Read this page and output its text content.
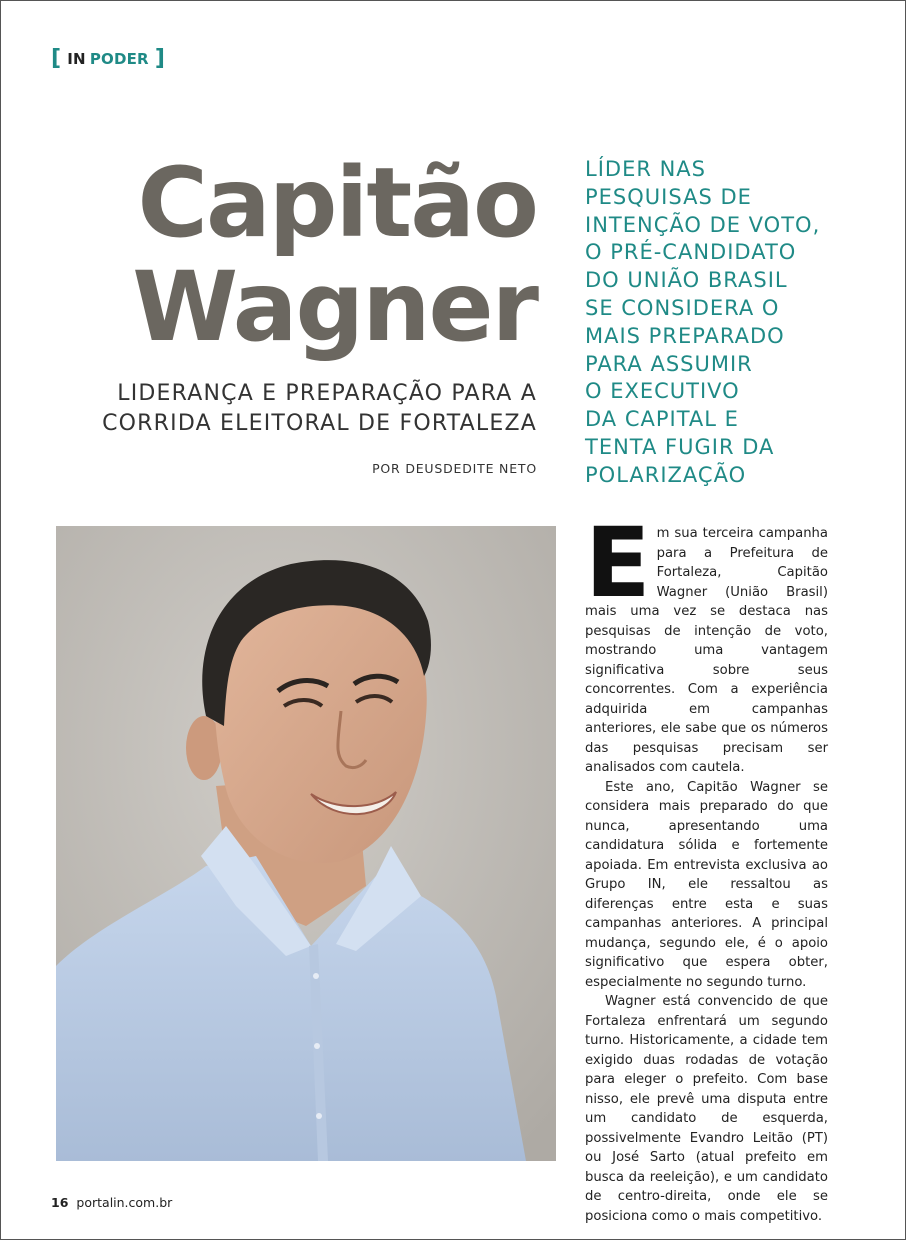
[ IN PODER ]
Capitão
Wagner
LIDERANÇA E PREPARAÇÃO PARA A
CORRIDA ELEITORAL DE FORTALEZA
POR DEUSDEDITE NETO
LÍDER NAS
PESQUISAS DE
INTENÇÃO DE VOTO,
O PRÉ-CANDIDATO
DO UNIÃO BRASIL
SE CONSIDERA O
MAIS PREPARADO
PARA ASSUMIR
O EXECUTIVO
DA CAPITAL E
TENTA FUGIR DA
POLARIZAÇÃO

Em sua terceira campanha para a Prefeitura de Fortaleza, Capitão Wagner (União Brasil) mais uma vez se destaca nas pesquisas de intenção de voto, mostrando uma vantagem significativa sobre seus concorrentes. Com a experiência adquirida em campanhas anteriores, ele sabe que os números das pesquisas precisam ser analisados com cautela.

Este ano, Capitão Wagner se considera mais preparado do que nunca, apresentando uma candidatura sólida e fortemente apoiada. Em entrevista exclusiva ao Grupo IN, ele ressaltou as diferenças entre esta e suas campanhas anteriores. A principal mudança, segundo ele, é o apoio significativo que espera obter, especialmente no segundo turno.

Wagner está convencido de que Fortaleza enfrentará um segundo turno. Historicamente, a cidade tem exigido duas rodadas de votação para eleger o prefeito. Com base nisso, ele prevê uma disputa entre um candidato de esquerda, possivelmente Evandro Leitão (PT) ou José Sarto (atual prefeito em busca da reeleição), e um candidato de centro-direita, onde ele se posiciona como o mais competitivo.

16 portalin.com.br
